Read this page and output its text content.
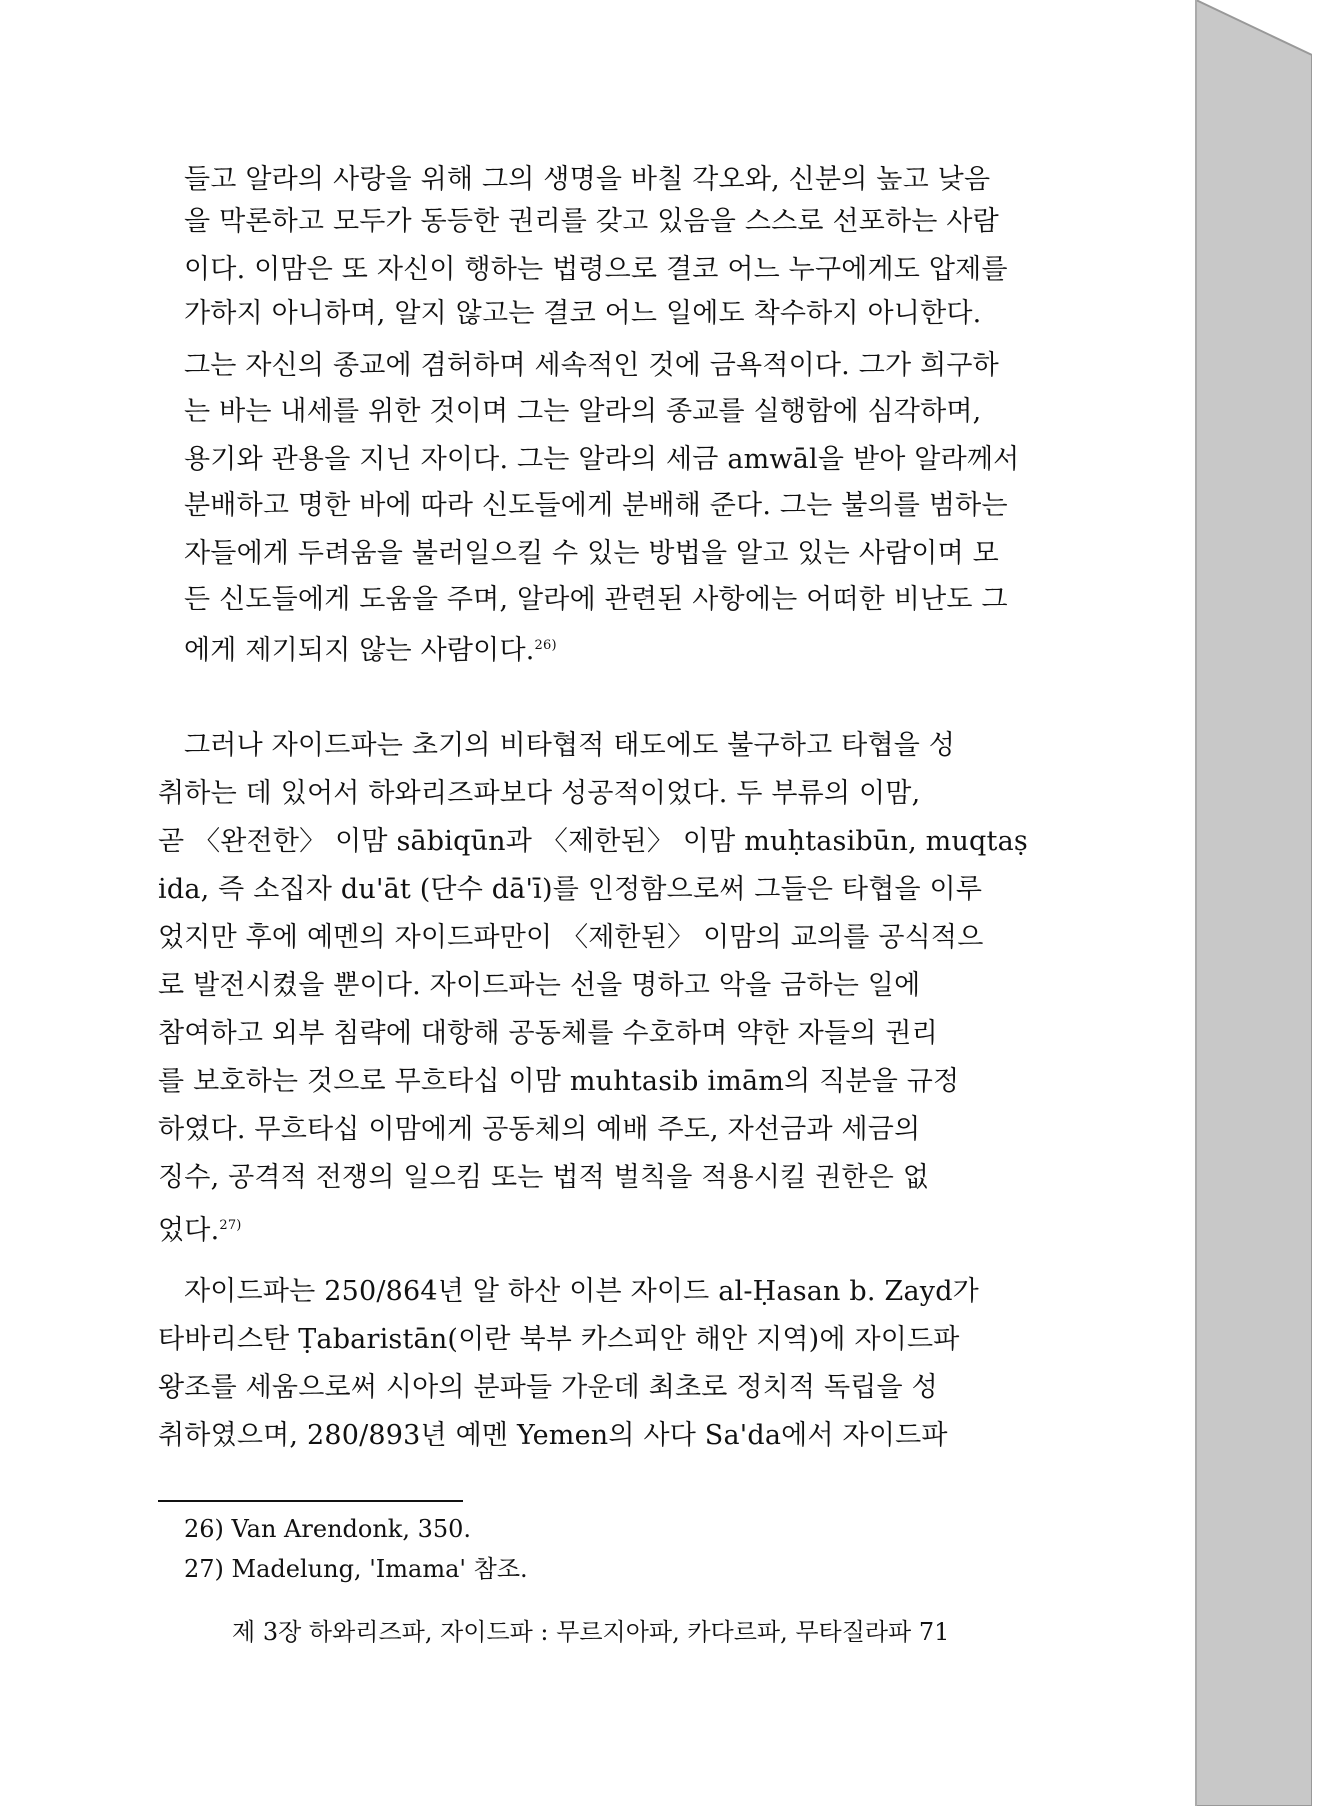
들고 알라의 사랑을 위해 그의 생명을 바칠 각오와, 신분의 높고 낮음
을 막론하고 모두가 동등한 권리를 갖고 있음을 스스로 선포하는 사람
이다. 이맘은 또 자신이 행하는 법령으로 결코 어느 누구에게도 압제를
가하지 아니하며, 알지 않고는 결코 어느 일에도 착수하지 아니한다.
그는 자신의 종교에 겸허하며 세속적인 것에 금욕적이다. 그가 희구하
는 바는 내세를 위한 것이며 그는 알라의 종교를 실행함에 심각하며,
용기와 관용을 지닌 자이다. 그는 알라의 세금 amwāl을 받아 알라께서
분배하고 명한 바에 따라 신도들에게 분배해 준다. 그는 불의를 범하는
자들에게 두려움을 불러일으킬 수 있는 방법을 알고 있는 사람이며 모
든 신도들에게 도움을 주며, 알라에 관련된 사항에는 어떠한 비난도 그
에게 제기되지 않는 사람이다.$^{26)}$
그러나 자이드파는 초기의 비타협적 태도에도 불구하고 타협을 성
취하는 데 있어서 하와리즈파보다 성공적이었다. 두 부류의 이맘,
곧 〈완전한〉 이맘 sābiqūn과 〈제한된〉 이맘 muḥtasibūn, muqtaṣ
ida, 즉 소집자 du'āt (단수 dā'ī)를 인정함으로써 그들은 타협을 이루
었지만 후에 예멘의 자이드파만이 〈제한된〉 이맘의 교의를 공식적으
로 발전시켰을 뿐이다. 자이드파는 선을 명하고 악을 금하는 일에
참여하고 외부 침략에 대항해 공동체를 수호하며 약한 자들의 권리
를 보호하는 것으로 무흐타십 이맘 muhtasib imām의 직분을 규정
하였다. 무흐타십 이맘에게 공동체의 예배 주도, 자선금과 세금의
징수, 공격적 전쟁의 일으킴 또는 법적 벌칙을 적용시킬 권한은 없
었다.$^{27)}$
자이드파는 250/864년 알 하산 이븐 자이드 al-Ḥasan b. Zayd가
타바리스탄 Ṭabaristān(이란 북부 카스피안 해안 지역)에 자이드파
왕조를 세움으로써 시아의 분파들 가운데 최초로 정치적 독립을 성
취하였으며, 280/893년 예멘 Yemen의 사다 Sa'da에서 자이드파
26) Van Arendonk, 350.
27) Madelung, 'Imama' 참조.
제 3장 하와리즈파, 자이드파 : 무르지아파, 카다르파, 무타질라파 71
